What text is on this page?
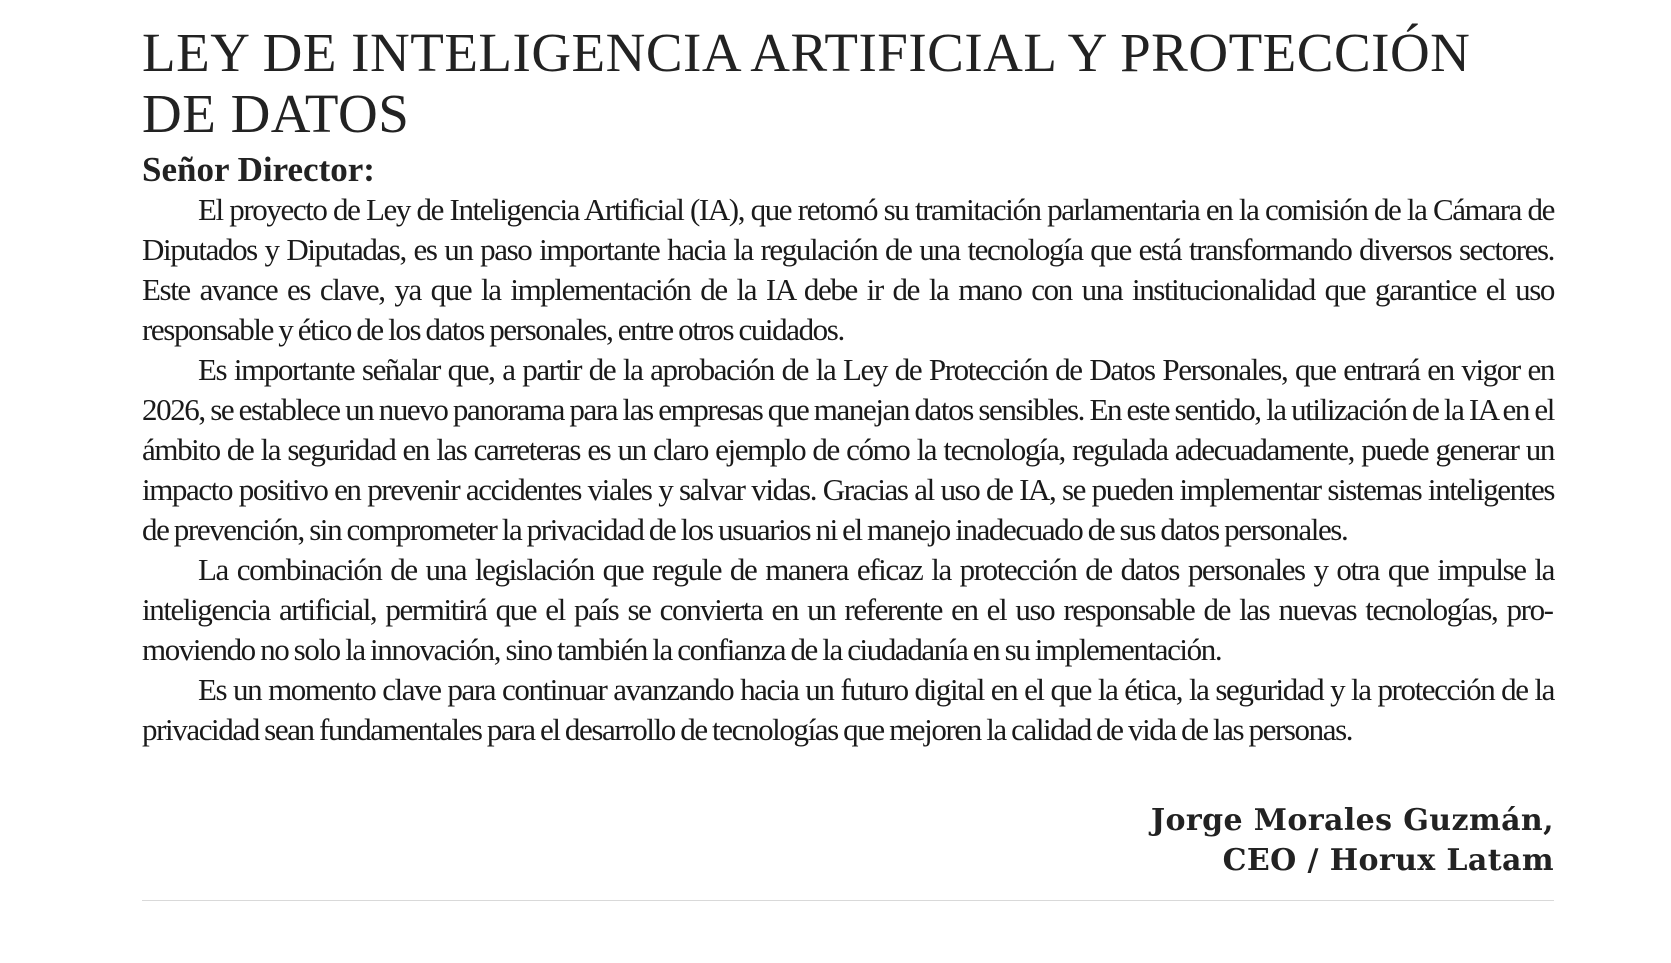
LEY DE INTELIGENCIA ARTIFICIAL Y PROTECCIÓN DE DATOS
Señor Director:

El proyecto de Ley de Inteligencia Artificial (IA), que retomó su tramitación parlamentaria en la comisión de la Cámara de Diputados y Diputadas, es un paso importante hacia la regulación de una tecnología que está transformando diversos sectores. Este avance es clave, ya que la implementación de la IA debe ir de la mano con una institucionalidad que garantice el uso responsable y ético de los datos personales, entre otros cuidados.

Es importante señalar que, a partir de la aprobación de la Ley de Protección de Datos Personales, que entrará en vigor en 2026, se establece un nuevo panorama para las empresas que manejan datos sensibles. En este sentido, la utilización de la IA en el ámbito de la seguridad en las carreteras es un claro ejemplo de cómo la tecnología, regulada adecuadamente, puede generar un impacto positivo en prevenir accidentes viales y salvar vidas. Gracias al uso de IA, se pueden implementar sistemas inteligentes de prevención, sin comprometer la privacidad de los usuarios ni el manejo inadecuado de sus datos personales.

La combinación de una legislación que regule de manera eficaz la protección de datos personales y otra que impulse la inteligencia artificial, permitirá que el país se convierta en un referente en el uso responsable de las nuevas tecnologías, promoviendo no solo la innovación, sino también la confianza de la ciudadanía en su implementación.

Es un momento clave para continuar avanzando hacia un futuro digital en el que la ética, la seguridad y la protección de la privacidad sean fundamentales para el desarrollo de tecnologías que mejoren la calidad de vida de las personas.

Jorge Morales Guzmán,
CEO / Horux Latam
